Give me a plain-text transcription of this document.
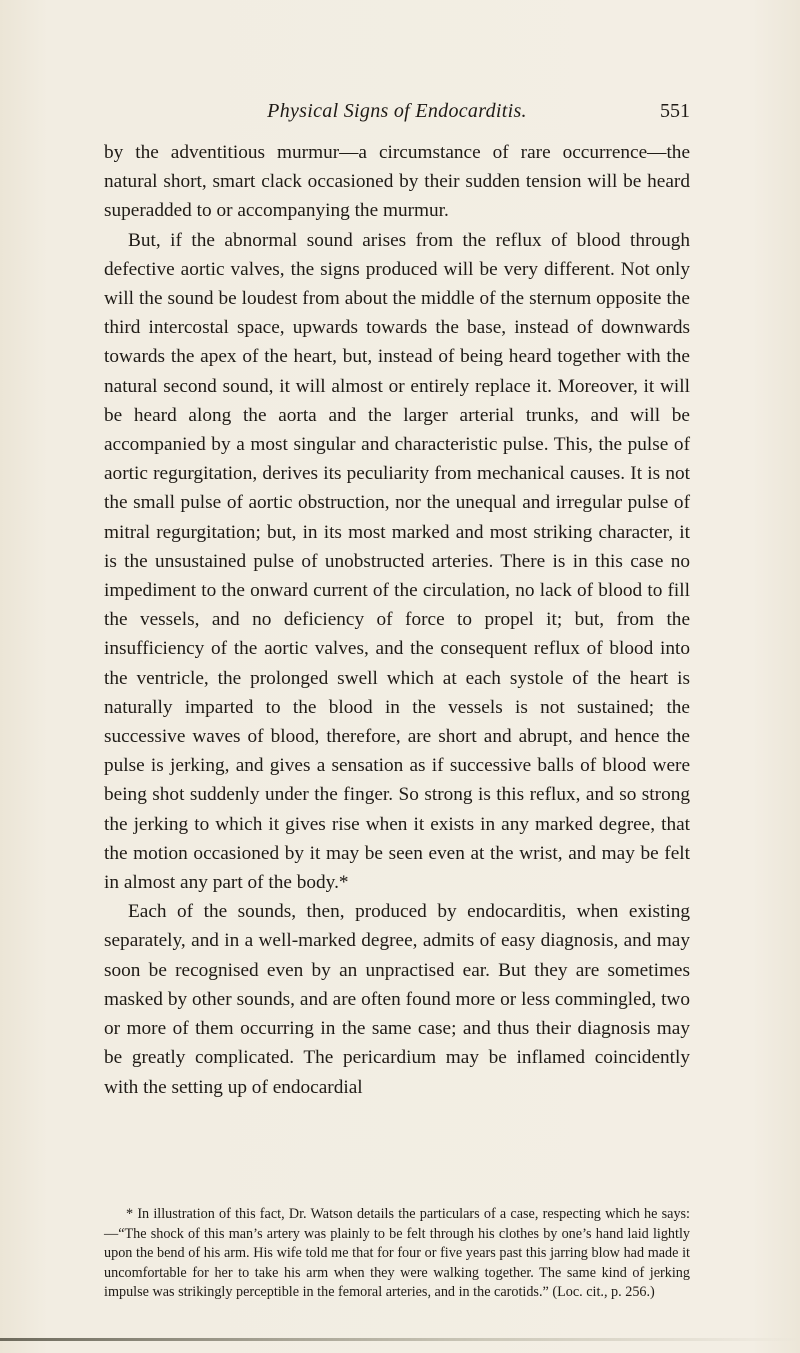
Physical Signs of Endocarditis.	551

by the adventitious murmur—a circumstance of rare occurrence—the natural short, smart clack occasioned by their sudden tension will be heard superadded to or accompanying the murmur.

But, if the abnormal sound arises from the reflux of blood through defective aortic valves, the signs produced will be very different. Not only will the sound be loudest from about the middle of the sternum opposite the third intercostal space, upwards towards the base, instead of downwards towards the apex of the heart, but, instead of being heard together with the natural second sound, it will almost or entirely replace it. Moreover, it will be heard along the aorta and the larger arterial trunks, and will be accompanied by a most singular and characteristic pulse. This, the pulse of aortic regurgitation, derives its peculiarity from mechanical causes. It is not the small pulse of aortic obstruction, nor the unequal and irregular pulse of mitral regurgitation; but, in its most marked and most striking character, it is the unsustained pulse of unobstructed arteries. There is in this case no impediment to the onward current of the circulation, no lack of blood to fill the vessels, and no deficiency of force to propel it; but, from the insufficiency of the aortic valves, and the consequent reflux of blood into the ventricle, the prolonged swell which at each systole of the heart is naturally imparted to the blood in the vessels is not sustained; the successive waves of blood, therefore, are short and abrupt, and hence the pulse is jerking, and gives a sensation as if successive balls of blood were being shot suddenly under the finger. So strong is this reflux, and so strong the jerking to which it gives rise when it exists in any marked degree, that the motion occasioned by it may be seen even at the wrist, and may be felt in almost any part of the body.*

Each of the sounds, then, produced by endocarditis, when existing separately, and in a well-marked degree, admits of easy diagnosis, and may soon be recognised even by an unpractised ear. But they are sometimes masked by other sounds, and are often found more or less commingled, two or more of them occurring in the same case; and thus their diagnosis may be greatly complicated. The pericardium may be inflamed coincidently with the setting up of endocardial

* In illustration of this fact, Dr. Watson details the particulars of a case, respecting which he says:—“The shock of this man’s artery was plainly to be felt through his clothes by one’s hand laid lightly upon the bend of his arm. His wife told me that for four or five years past this jarring blow had made it uncomfortable for her to take his arm when they were walking together. The same kind of jerking impulse was strikingly perceptible in the femoral arteries, and in the carotids.” (Loc. cit., p. 256.)
